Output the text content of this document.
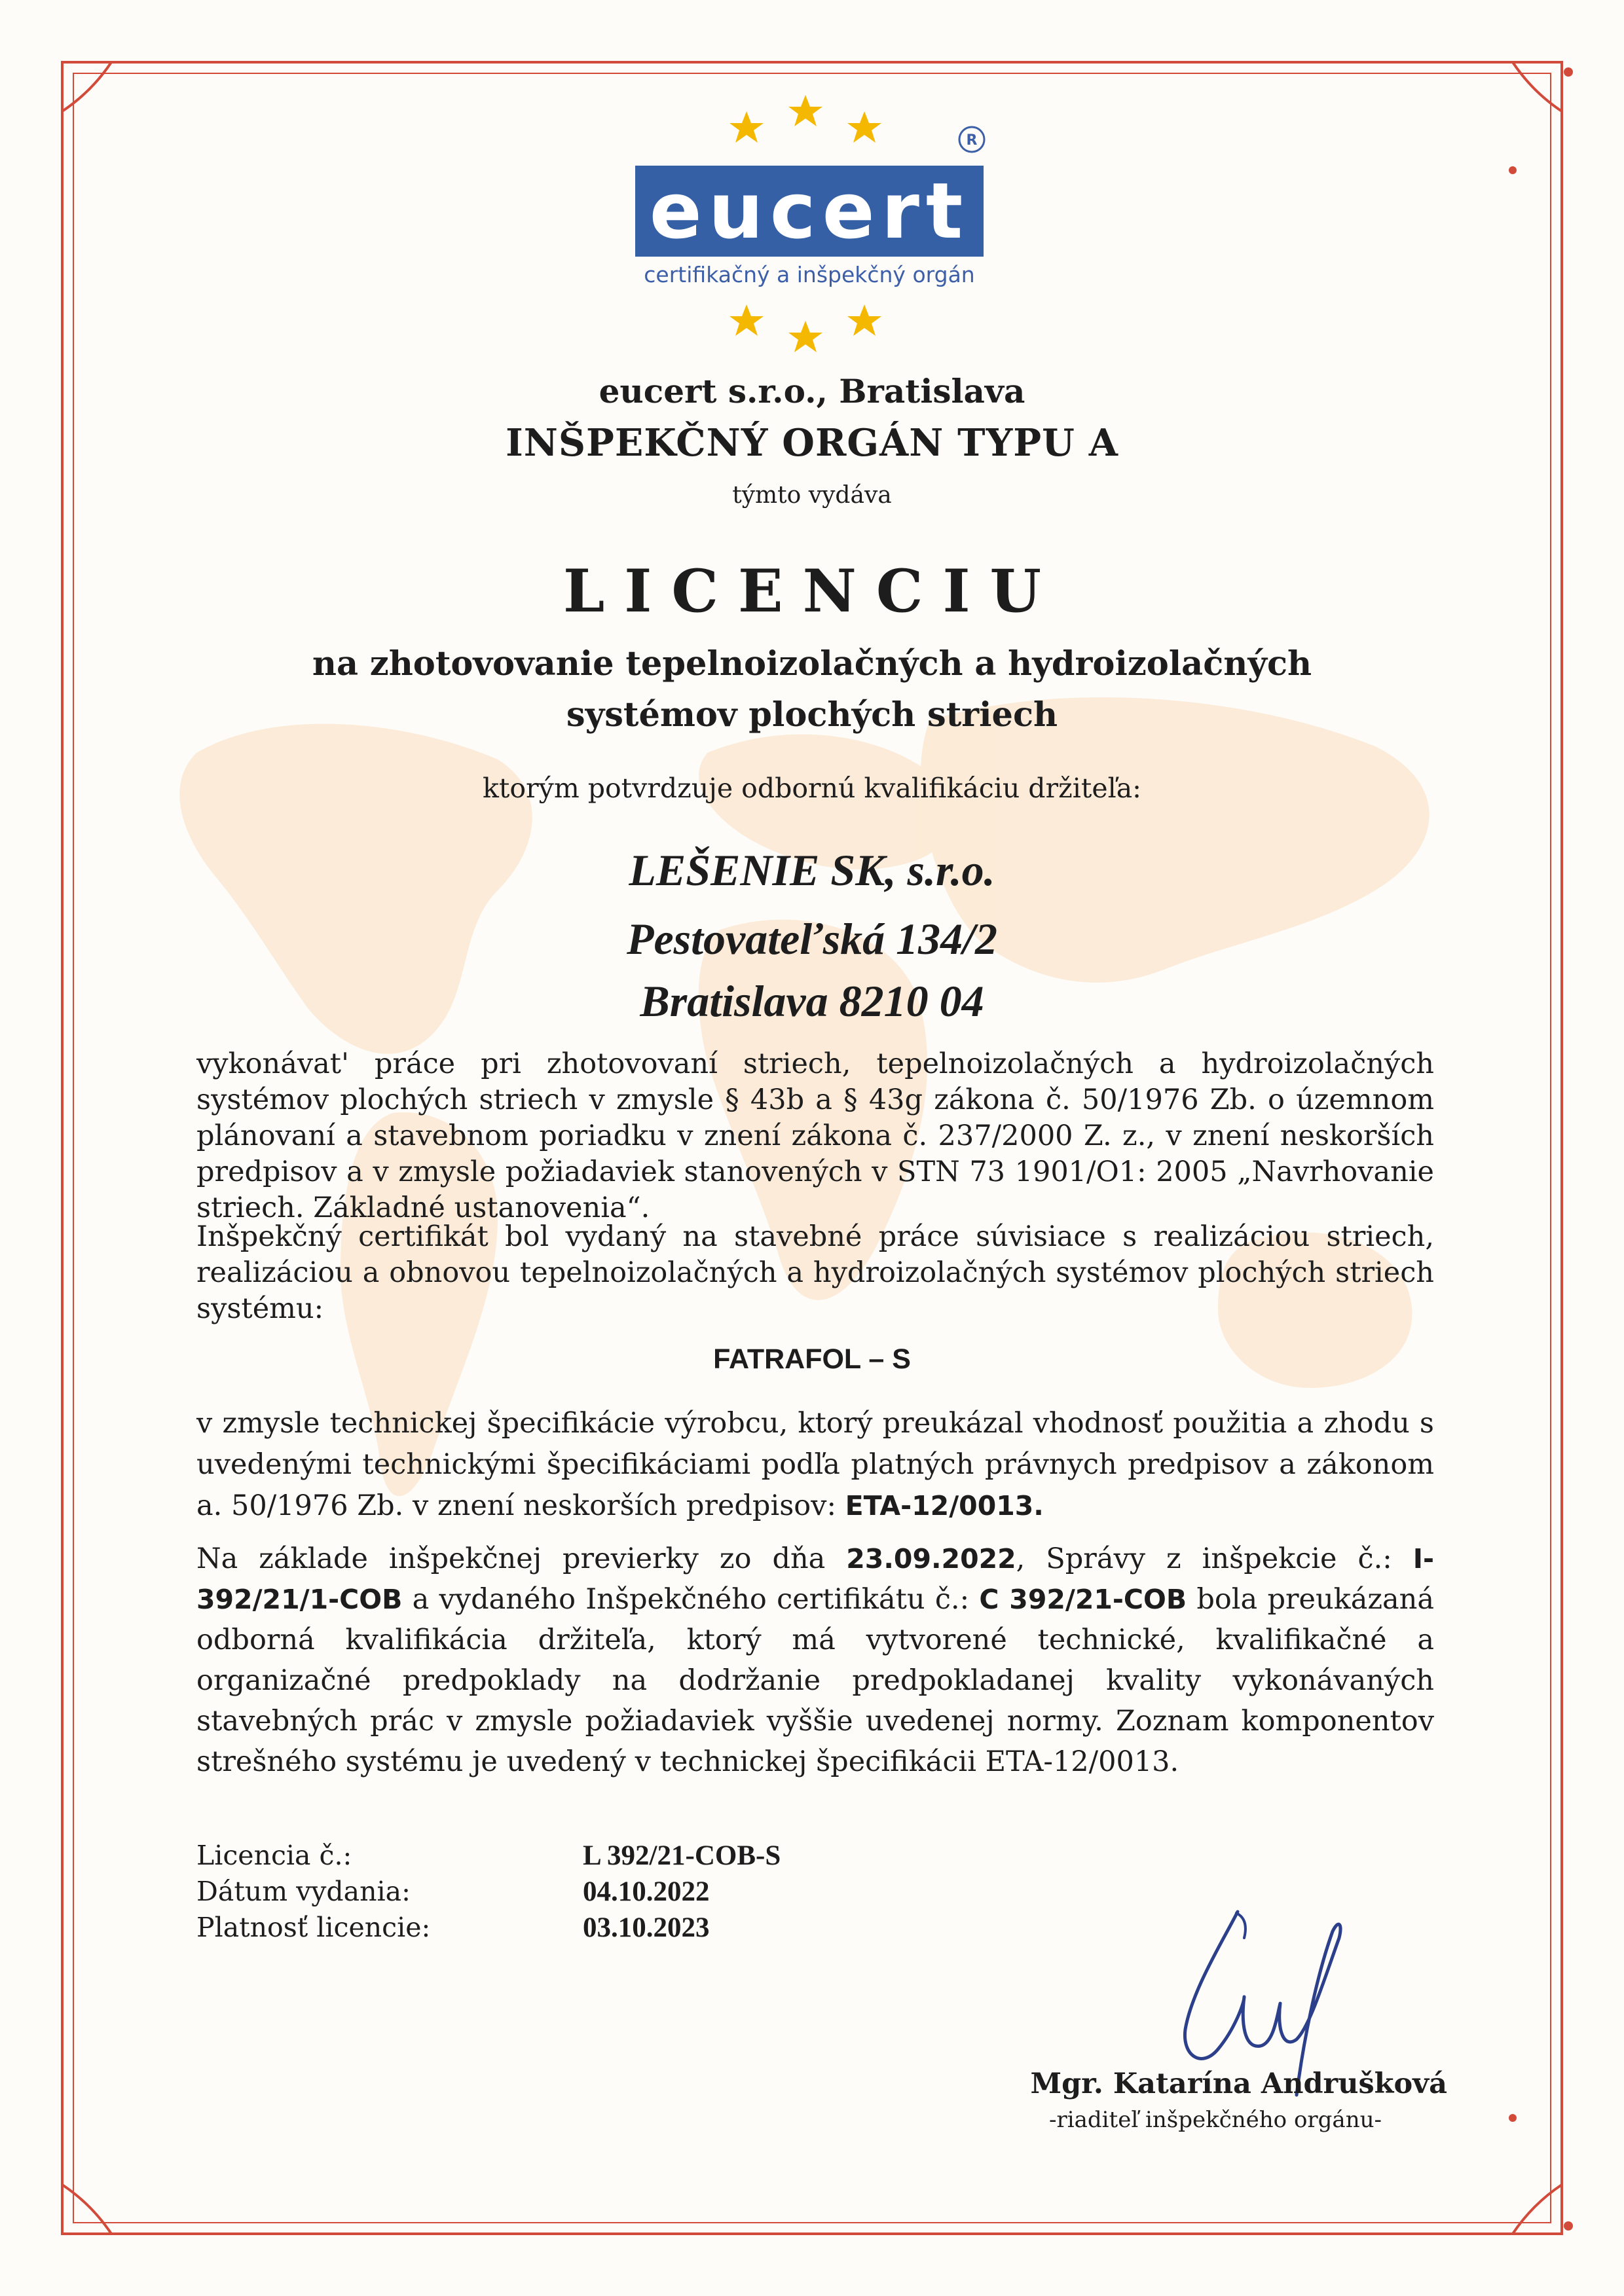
R
eucert
certifikačný a inšpekčný orgán
eucert s.r.o., Bratislava
INŠPEKČNÝ ORGÁN TYPU A
týmto vydáva
LICENCIU
na zhotovovanie tepelnoizolačných a hydroizolačných
systémov plochých striech
ktorým potvrdzuje odbornú kvalifikáciu držiteľa:
LEŠENIE SK, s.r.o.
Pestovateľská 134/2
Bratislava 8210 04
vykonávat' práce pri zhotovovaní striech, tepelnoizolačných a hydroizolačných systémov plochých striech v zmysle § 43b a § 43g zákona č. 50/1976 Zb. o územnom plánovaní a stavebnom poriadku v znení zákona č. 237/2000 Z. z., v znení neskorších predpisov a v zmysle požiadaviek stanovených v STN 73 1901/O1: 2005 „Navrhovanie striech. Základné ustanovenia“.
Inšpekčný certifikát bol vydaný na stavebné práce súvisiace s realizáciou striech, realizáciou a obnovou tepelnoizolačných a hydroizolačných systémov plochých striech systému:
FATRAFOL – S
v zmysle technickej špecifikácie výrobcu, ktorý preukázal vhodnosť použitia a zhodu s uvedenými technickými špecifikáciami podľa platných právnych predpisov a zákonom a. 50/1976 Zb. v znení neskorších predpisov: ETA-12/0013.
Na základe inšpekčnej previerky zo dňa 23.09.2022, Správy z inšpekcie č.: I-392/21/1-COB a vydaného Inšpekčného certifikátu č.: C 392/21-COB bola preukázaná odborná kvalifikácia držiteľa, ktorý má vytvorené technické, kvalifikačné a organizačné predpoklady na dodržanie predpokladanej kvality vykonávaných stavebných prác v zmysle požiadaviek vyššie uvedenej normy. Zoznam komponentov strešného systému je uvedený v technickej špecifikácii ETA-12/0013.
Licencia č.:	L 392/21-COB-S
Dátum vydania:	04.10.2022
Platnosť licencie:	03.10.2023
Mgr. Katarína Andrušková
-riaditeľ inšpekčného orgánu-
